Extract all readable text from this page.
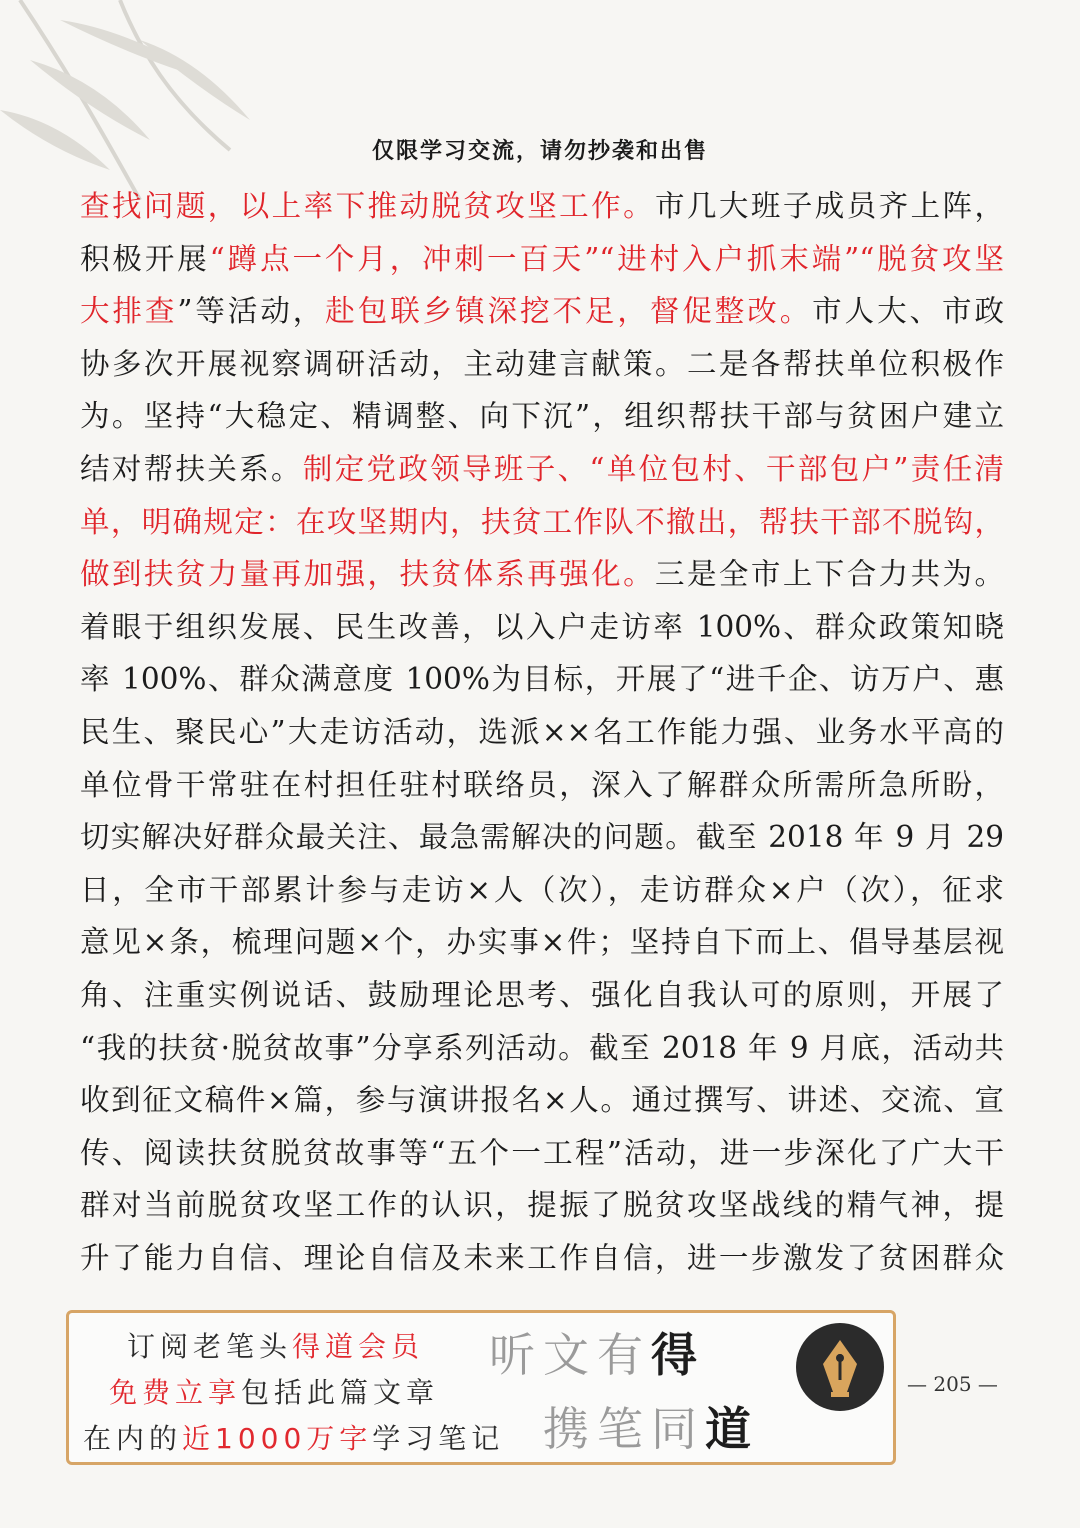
仅限学习交流，请勿抄袭和出售
查找问题，以上率下推动脱贫攻坚工作。市几大班子成员齐上阵，
积极开展“蹲点一个月，冲刺一百天”“进村入户抓末端”“脱贫攻坚
大排查”等活动，赴包联乡镇深挖不足，督促整改。市人大、市政
协多次开展视察调研活动，主动建言献策。二是各帮扶单位积极作
为。坚持“大稳定、精调整、向下沉”，组织帮扶干部与贫困户建立
结对帮扶关系。制定党政领导班子、“单位包村、干部包户”责任清
单，明确规定：在攻坚期内，扶贫工作队不撤出，帮扶干部不脱钩，
做到扶贫力量再加强，扶贫体系再强化。三是全市上下合力共为。
着眼于组织发展、民生改善，以入户走访率 100%、群众政策知晓
率 100%、群众满意度 100%为目标，开展了“进千企、访万户、惠
民生、聚民心”大走访活动，选派××名工作能力强、业务水平高的
单位骨干常驻在村担任驻村联络员，深入了解群众所需所急所盼，
切实解决好群众最关注、最急需解决的问题。截至 2018 年 9 月 29
日，全市干部累计参与走访×人（次），走访群众×户（次），征求
意见×条，梳理问题×个，办实事×件；坚持自下而上、倡导基层视
角、注重实例说话、鼓励理论思考、强化自我认可的原则，开展了
“我的扶贫·脱贫故事”分享系列活动。截至 2018 年 9 月底，活动共
收到征文稿件×篇，参与演讲报名×人。通过撰写、讲述、交流、宣
传、阅读扶贫脱贫故事等“五个一工程”活动，进一步深化了广大干
群对当前脱贫攻坚工作的认识，提振了脱贫攻坚战线的精气神，提
升了能力自信、理论自信及未来工作自信，进一步激发了贫困群众
订阅老笔头得道会员
免费立享包括此篇文章
在内的近1000万字学习笔记
听文有得
携笔同道
— 205 —
